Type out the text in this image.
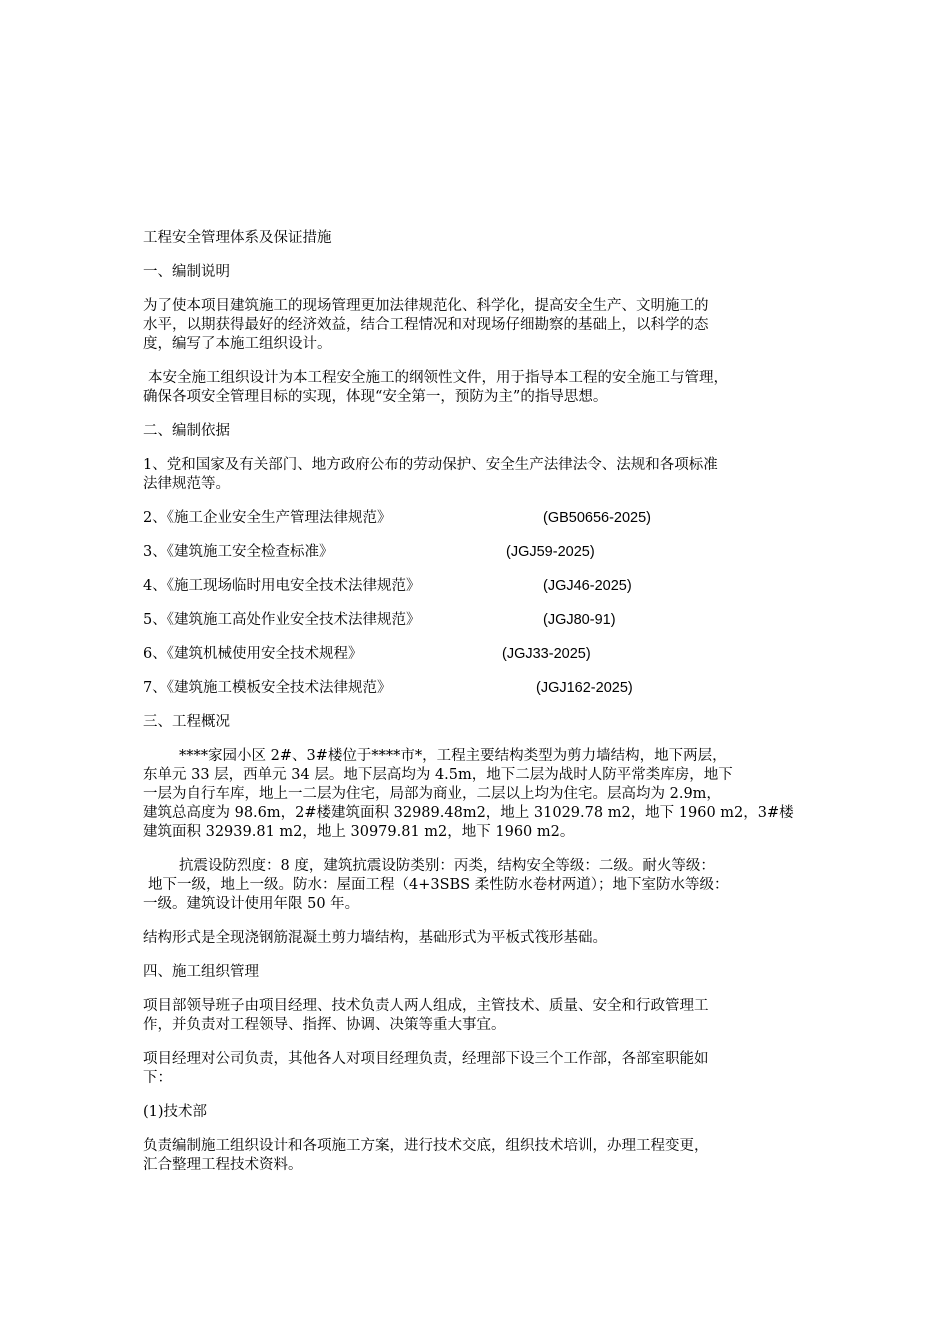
工程安全管理体系及保证措施

一、编制说明

为了使本项目建筑施工的现场管理更加法律规范化、科学化，提高安全生产、文明施工的

水平，以期获得最好的经济效益，结合工程情况和对现场仔细勘察的基础上，以科学的态

度，编写了本施工组织设计。

本安全施工组织设计为本工程安全施工的纲领性文件，用于指导本工程的安全施工与管理，

确保各项安全管理目标的实现，体现“安全第一，预防为主”的指导思想。

二、编制依据

1、党和国家及有关部门、地方政府公布的劳动保护、安全生产法律法令、法规和各项标准

法律规范等。

2、《施工企业安全生产管理法律规范》	(GB50656-2025)

3、《建筑施工安全检查标准》	(JGJ59-2025)

4、《施工现场临时用电安全技术法律规范》	(JGJ46-2025)

5、《建筑施工高处作业安全技术法律规范》	(JGJ80-91)

6、《建筑机械使用安全技术规程》	(JGJ33-2025)

7、《建筑施工模板安全技术法律规范》	(JGJ162-2025)

三、工程概况

****家园小区 2#、3#楼位于****市*，工程主要结构类型为剪力墙结构，地下两层，

东单元 33 层，西单元 34 层。地下层高均为 4.5m，地下二层为战时人防平常类库房，地下

一层为自行车库，地上一二层为住宅，局部为商业，二层以上均为住宅。层高均为 2.9m，

建筑总高度为 98.6m，2#楼建筑面积 32989.48m2，地上 31029.78 m2，地下 1960 m2，3#楼

建筑面积 32939.81 m2，地上 30979.81 m2，地下 1960 m2。

抗震设防烈度：8 度，建筑抗震设防类别：丙类，结构安全等级：二级。耐火等级：

地下一级，地上一级。防水：屋面工程（4+3SBS 柔性防水卷材两道）；地下室防水等级：

一级。建筑设计使用年限 50 年。

结构形式是全现浇钢筋混凝土剪力墙结构，基础形式为平板式筏形基础。

四、施工组织管理

项目部领导班子由项目经理、技术负责人两人组成，主管技术、质量、安全和行政管理工

作，并负责对工程领导、指挥、协调、决策等重大事宜。

项目经理对公司负责，其他各人对项目经理负责，经理部下设三个工作部，各部室职能如

下：

(1)技术部

负责编制施工组织设计和各项施工方案，进行技术交底，组织技术培训，办理工程变更，

汇合整理工程技术资料。
